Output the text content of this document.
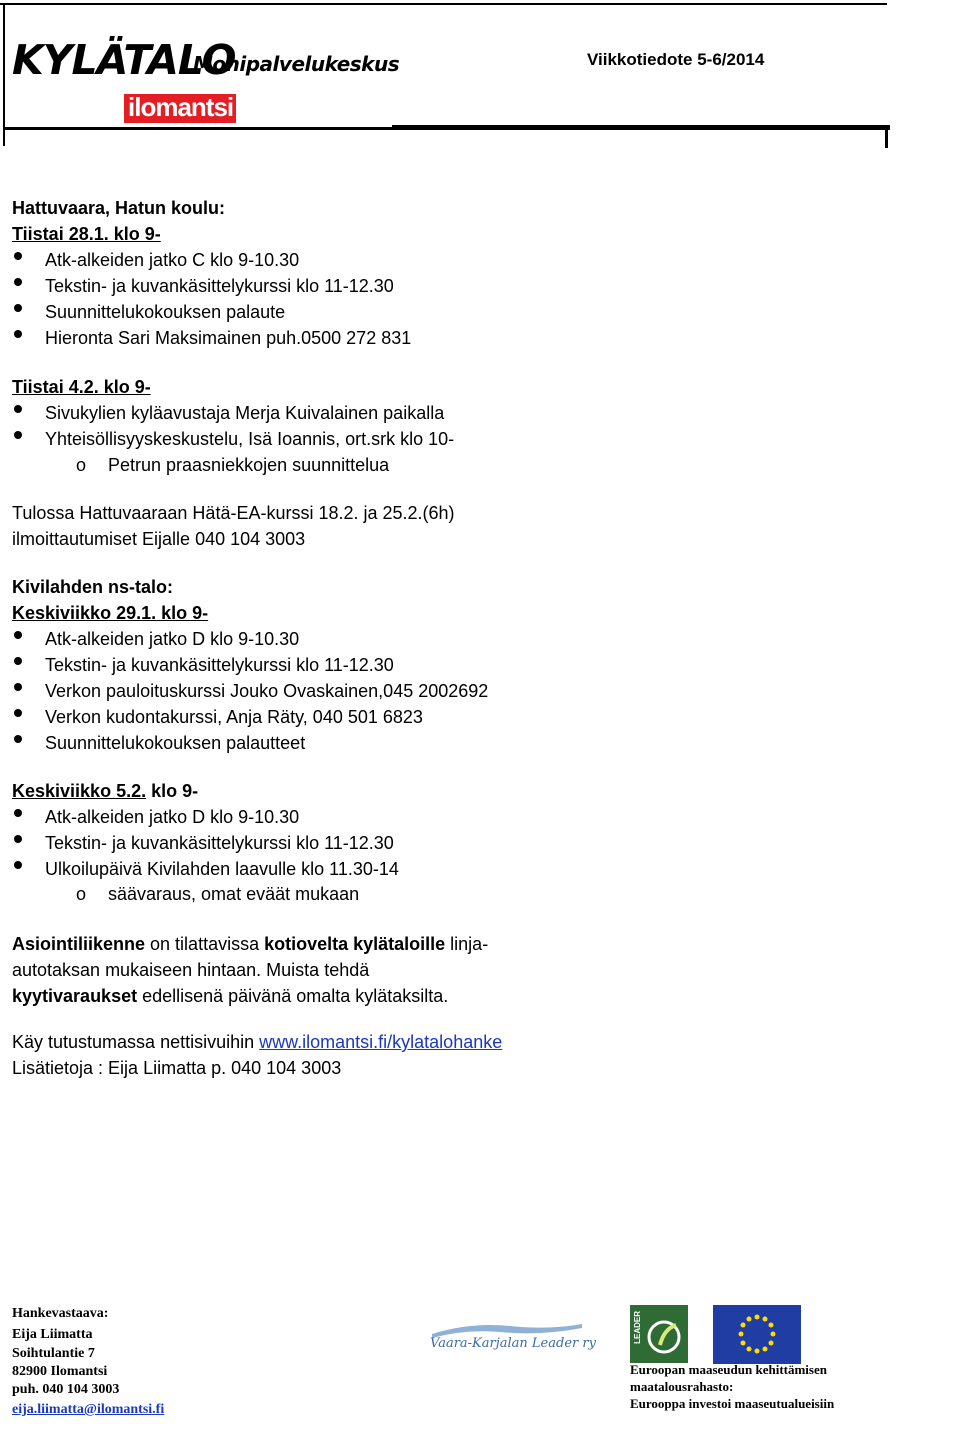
KYLÄTALO
Monipalvelukeskus	Viikkotiedote 5-6/2014
ilomantsi
Hattuvaara, Hatun koulu:
Tiistai 28.1. klo 9-
Atk-alkeiden jatko C klo 9-10.30
Tekstin- ja kuvankäsittelykurssi klo 11-12.30
Suunnittelukokouksen palaute
Hieronta Sari Maksimainen puh.0500 272 831
Tiistai 4.2. klo 9-
Sivukylien kyläavustaja Merja Kuivalainen paikalla
Yhteisöllisyyskeskustelu, Isä Ioannis, ort.srk klo 10-
o Petrun praasniekkojen suunnittelua
Tulossa Hattuvaaraan Hätä-EA-kurssi 18.2. ja 25.2.(6h)
ilmoittautumiset Eijalle 040 104 3003
Kivilahden ns-talo:
Keskiviikko 29.1. klo 9-
Atk-alkeiden jatko D klo 9-10.30
Tekstin- ja kuvankäsittelykurssi klo 11-12.30
Verkon pauloituskurssi Jouko Ovaskainen,045 2002692
Verkon kudontakurssi, Anja Räty, 040 501 6823
Suunnittelukokouksen palautteet
Keskiviikko 5.2. klo 9-
Atk-alkeiden jatko D klo 9-10.30
Tekstin- ja kuvankäsittelykurssi klo 11-12.30
Ulkoilupäivä Kivilahden laavulle klo 11.30-14
o säävaraus, omat eväät mukaan
Asiointiliikenne on tilattavissa kotiovelta kylätaloille linja-
autotaksan mukaiseen hintaan. Muista tehdä
kyytivaraukset edellisenä päivänä omalta kylätaksilta.
Käy tutustumassa nettisivuihin www.ilomantsi.fi/kylatalohanke
Lisätietoja : Eija Liimatta p. 040 104 3003
Hankevastaava:
Eija Liimatta
Soihtulantie 7
82900 Ilomantsi
puh. 040 104 3003
eija.liimatta@ilomantsi.fi
Vaara-Karjalan Leader ry	LEADER
Euroopan maaseudun kehittämisen
maatalousrahasto:
Eurooppa investoi maaseutualueisiin
